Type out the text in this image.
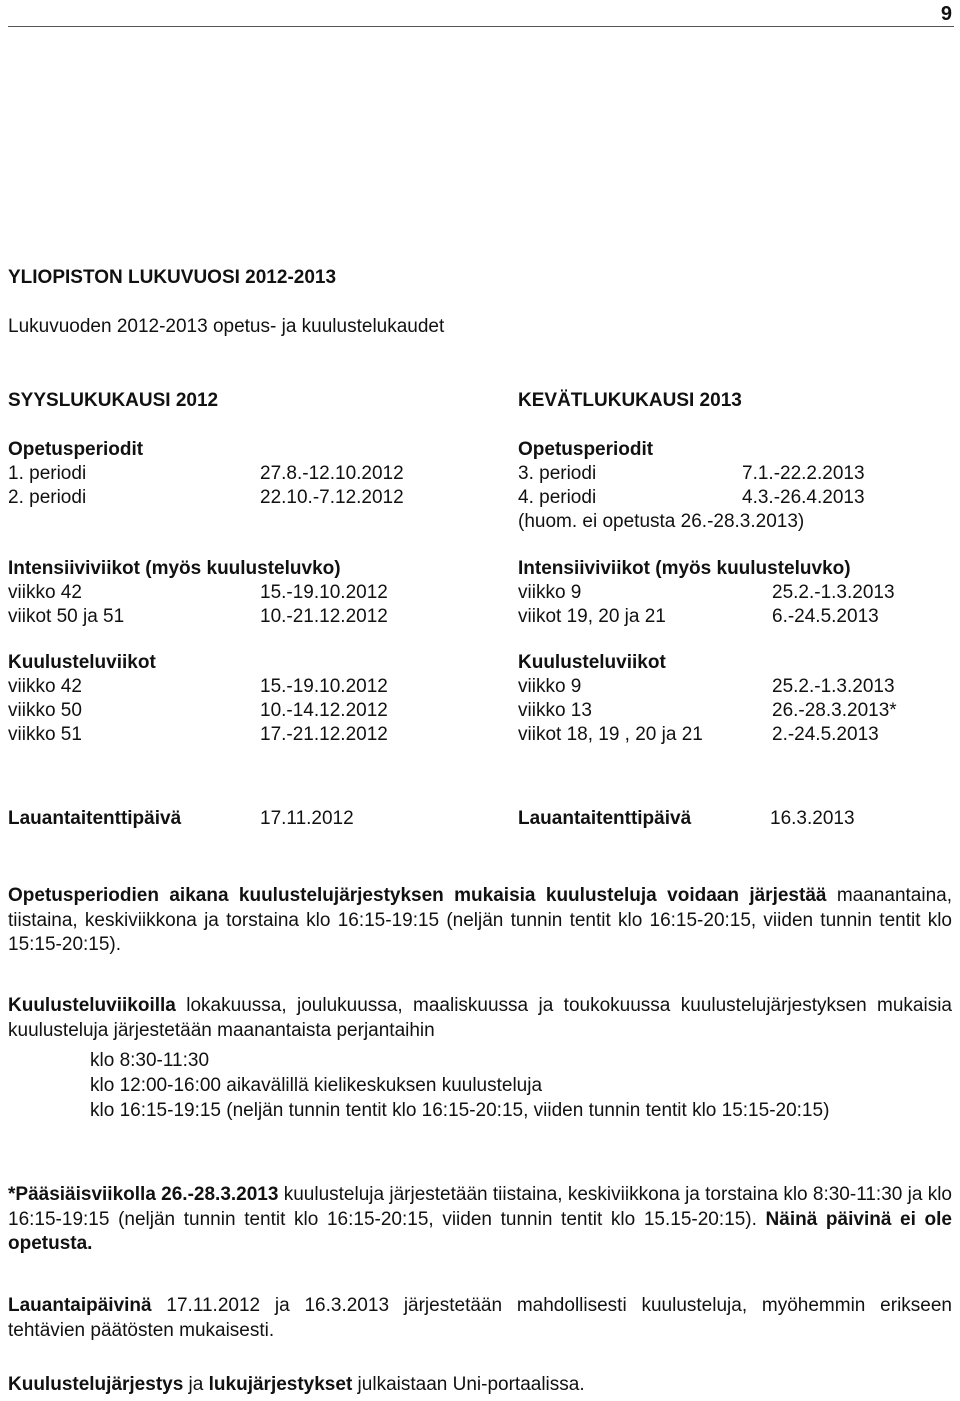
9
YLIOPISTON LUKUVUOSI 2012-2013
Lukuvuoden 2012-2013 opetus- ja kuulustelukaudet
SYYSLUKUKAUSI 2012
Opetusperiodit
1. periodi	27.8.-12.10.2012
2. periodi	22.10.-7.12.2012
Intensiiviviikot (myös kuulusteluvko)
viikko 42	15.-19.10.2012
viikot 50 ja 51	10.-21.12.2012
Kuulusteluviikot
viikko 42	15.-19.10.2012
viikko 50	10.-14.12.2012
viikko 51	17.-21.12.2012
KEVÄTLUKUKAUSI 2013
Opetusperiodit
3. periodi	7.1.-22.2.2013
4. periodi	4.3.-26.4.2013
(huom. ei opetusta 26.-28.3.2013)
Intensiiviviikot (myös kuulusteluvko)
viikko 9	25.2.-1.3.2013
viikot 19, 20 ja 21	6.-24.5.2013
Kuulusteluviikot
viikko 9	25.2.-1.3.2013
viikko 13	26.-28.3.2013*
viikot 18, 19 , 20 ja 21	2.-24.5.2013
Lauantaitenttipäivä	17.11.2012	Lauantaitenttipäivä	16.3.2013
Opetusperiodien aikana kuulustelujärjestyksen mukaisia kuulusteluja voidaan järjestää maanantaina, tiistaina, keskiviikkona ja torstaina klo 16:15-19:15 (neljän tunnin tentit klo 16:15-20:15, viiden tunnin tentit klo 15:15-20:15).
Kuulusteluviikoilla lokakuussa, joulukuussa, maaliskuussa ja toukokuussa kuulustelujärjestyksen mukaisia kuulusteluja järjestetään maanantaista perjantaihin
klo 8:30-11:30
klo 12:00-16:00 aikavälillä kielikeskuksen kuulusteluja
klo 16:15-19:15 (neljän tunnin tentit klo 16:15-20:15, viiden tunnin tentit klo 15:15-20:15)
*Pääsiäisviikolla 26.-28.3.2013 kuulusteluja järjestetään tiistaina, keskiviikkona ja torstaina klo 8:30-11:30 ja klo 16:15-19:15 (neljän tunnin tentit klo 16:15-20:15, viiden tunnin tentit klo 15.15-20:15). Näinä päivinä ei ole opetusta.
Lauantaipäivinä 17.11.2012 ja 16.3.2013 järjestetään mahdollisesti kuulusteluja, myöhemmin erikseen tehtävien päätösten mukaisesti.
Kuulustelujärjestys ja lukujärjestykset julkaistaan Uni-portaalissa.
